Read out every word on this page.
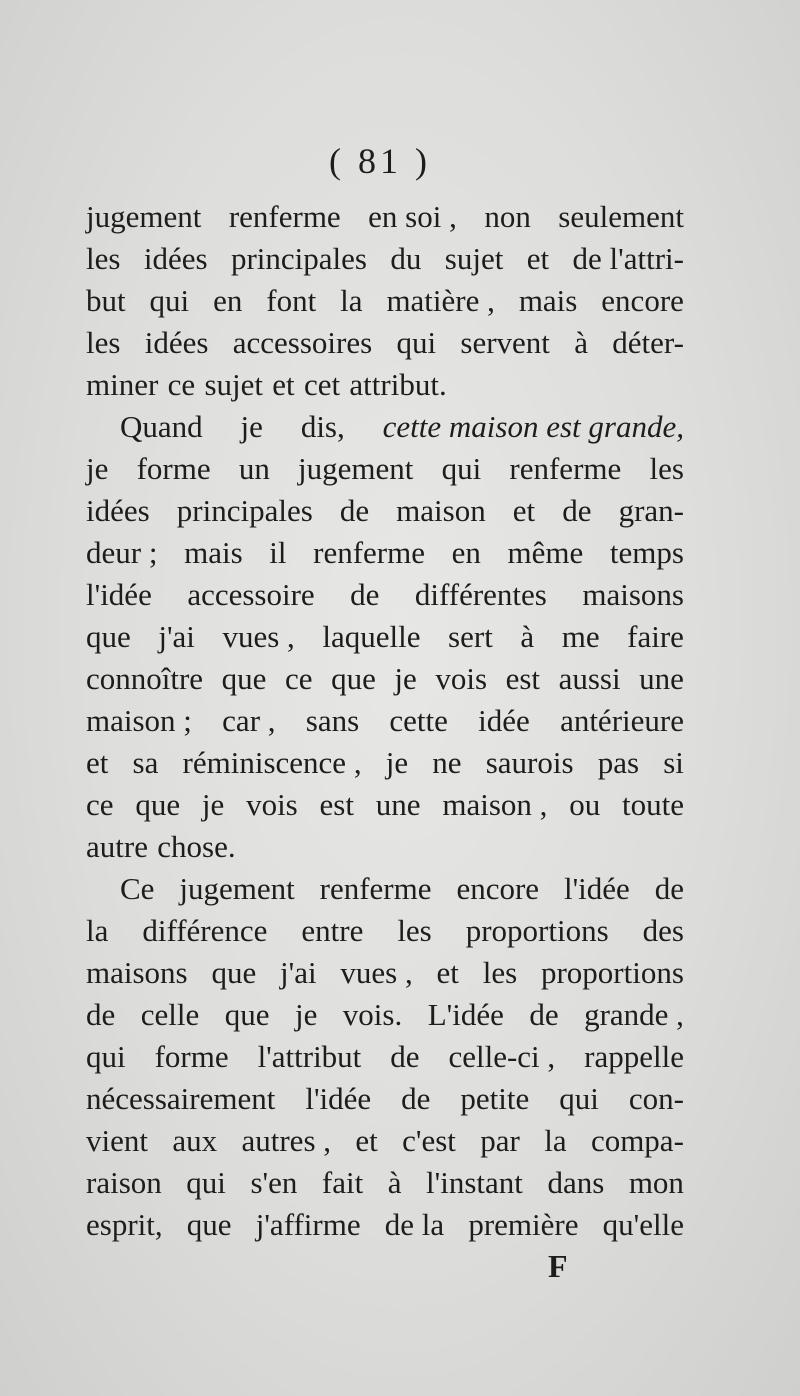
( 81 )
jugement renferme en soi , non seulement
les idées principales du sujet et de l'attri-
but qui en font la matière , mais encore
les idées accessoires qui servent à déter-
miner ce sujet et cet attribut.
Quand je dis, cette maison est grande,
je forme un jugement qui renferme les
idées principales de maison et de gran-
deur ; mais il renferme en même temps
l'idée accessoire de différentes maisons
que j'ai vues , laquelle sert à me faire
connoître que ce que je vois est aussi une
maison ; car , sans cette idée antérieure
et sa réminiscence , je ne saurois pas si
ce que je vois est une maison , ou toute
autre chose.
Ce jugement renferme encore l'idée de
la différence entre les proportions des
maisons que j'ai vues , et les proportions
de celle que je vois. L'idée de grande ,
qui forme l'attribut de celle-ci , rappelle
nécessairement l'idée de petite qui con-
vient aux autres , et c'est par la compa-
raison qui s'en fait à l'instant dans mon
esprit, que j'affirme de la première qu'elle
F
